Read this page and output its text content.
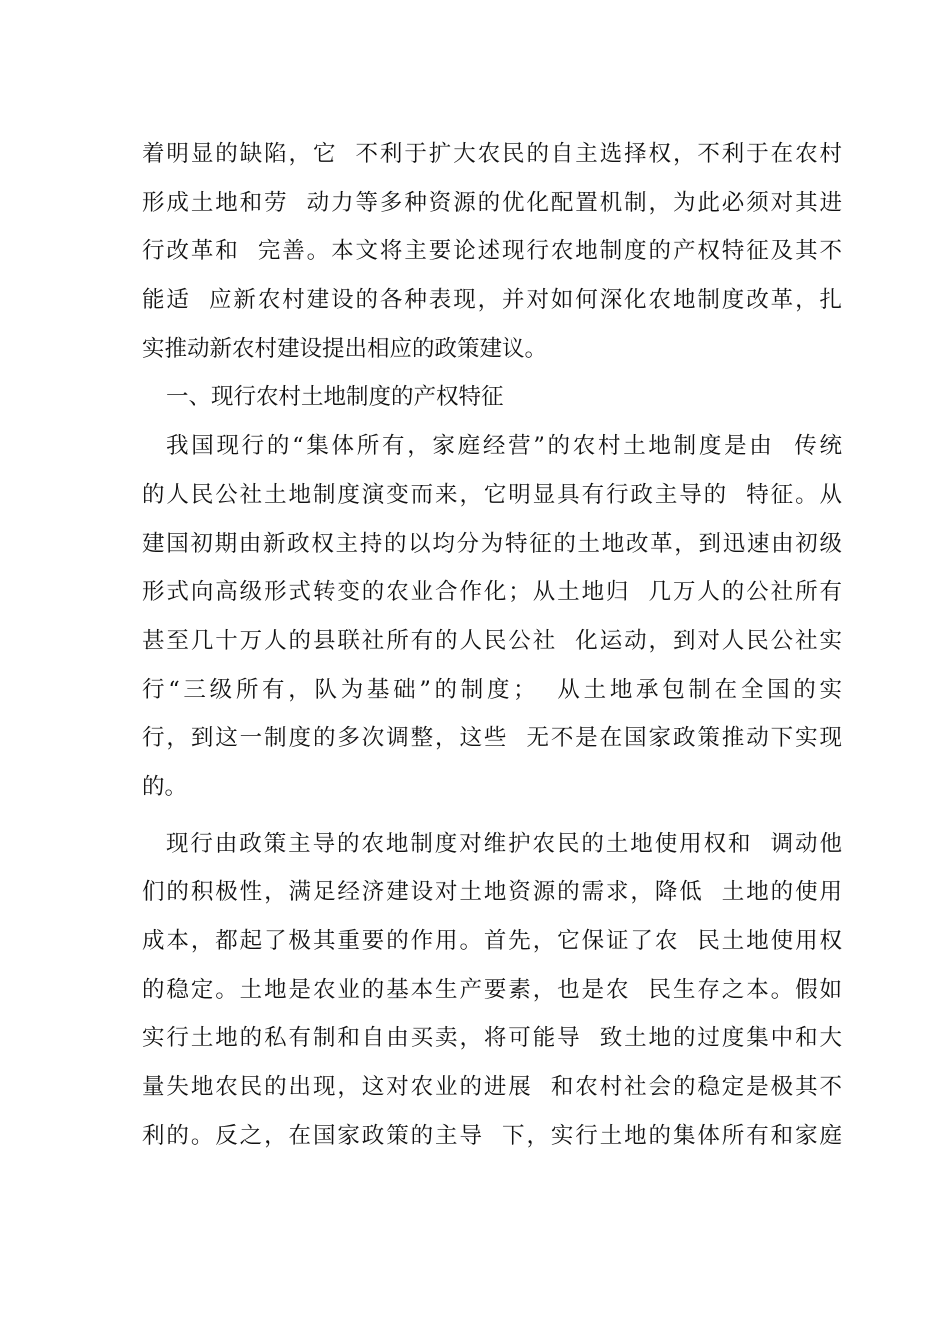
着明显的缺陷，它  不利于扩大农民的自主选择权，不利于在农村
形成土地和劳  动力等多种资源的优化配置机制，为此必须对其进
行改革和  完善。本文将主要论述现行农地制度的产权特征及其不
能适  应新农村建设的各种表现，并对如何深化农地制度改革，扎
实推动新农村建设提出相应的政策建议。
一、现行农村土地制度的产权特征
我国现行的“集体所有，家庭经营”的农村土地制度是由  传统
的人民公社土地制度演变而来，它明显具有行政主导的  特征。从
建国初期由新政权主持的以均分为特征的土地改革，到迅速由初级
形式向高级形式转变的农业合作化；从土地归  几万人的公社所有
甚至几十万人的县联社所有的人民公社  化运动，到对人民公社实
行“三级所有，队为基础”的制度；  从土地承包制在全国的实
行，到这一制度的多次调整，这些  无不是在国家政策推动下实现
的。
现行由政策主导的农地制度对维护农民的土地使用权和  调动他
们的积极性，满足经济建设对土地资源的需求，降低  土地的使用
成本，都起了极其重要的作用。首先，它保证了农  民土地使用权
的稳定。土地是农业的基本生产要素，也是农  民生存之本。假如
实行土地的私有制和自由买卖，将可能导  致土地的过度集中和大
量失地农民的出现，这对农业的进展  和农村社会的稳定是极其不
利的。反之，在国家政策的主导  下，实行土地的集体所有和家庭
